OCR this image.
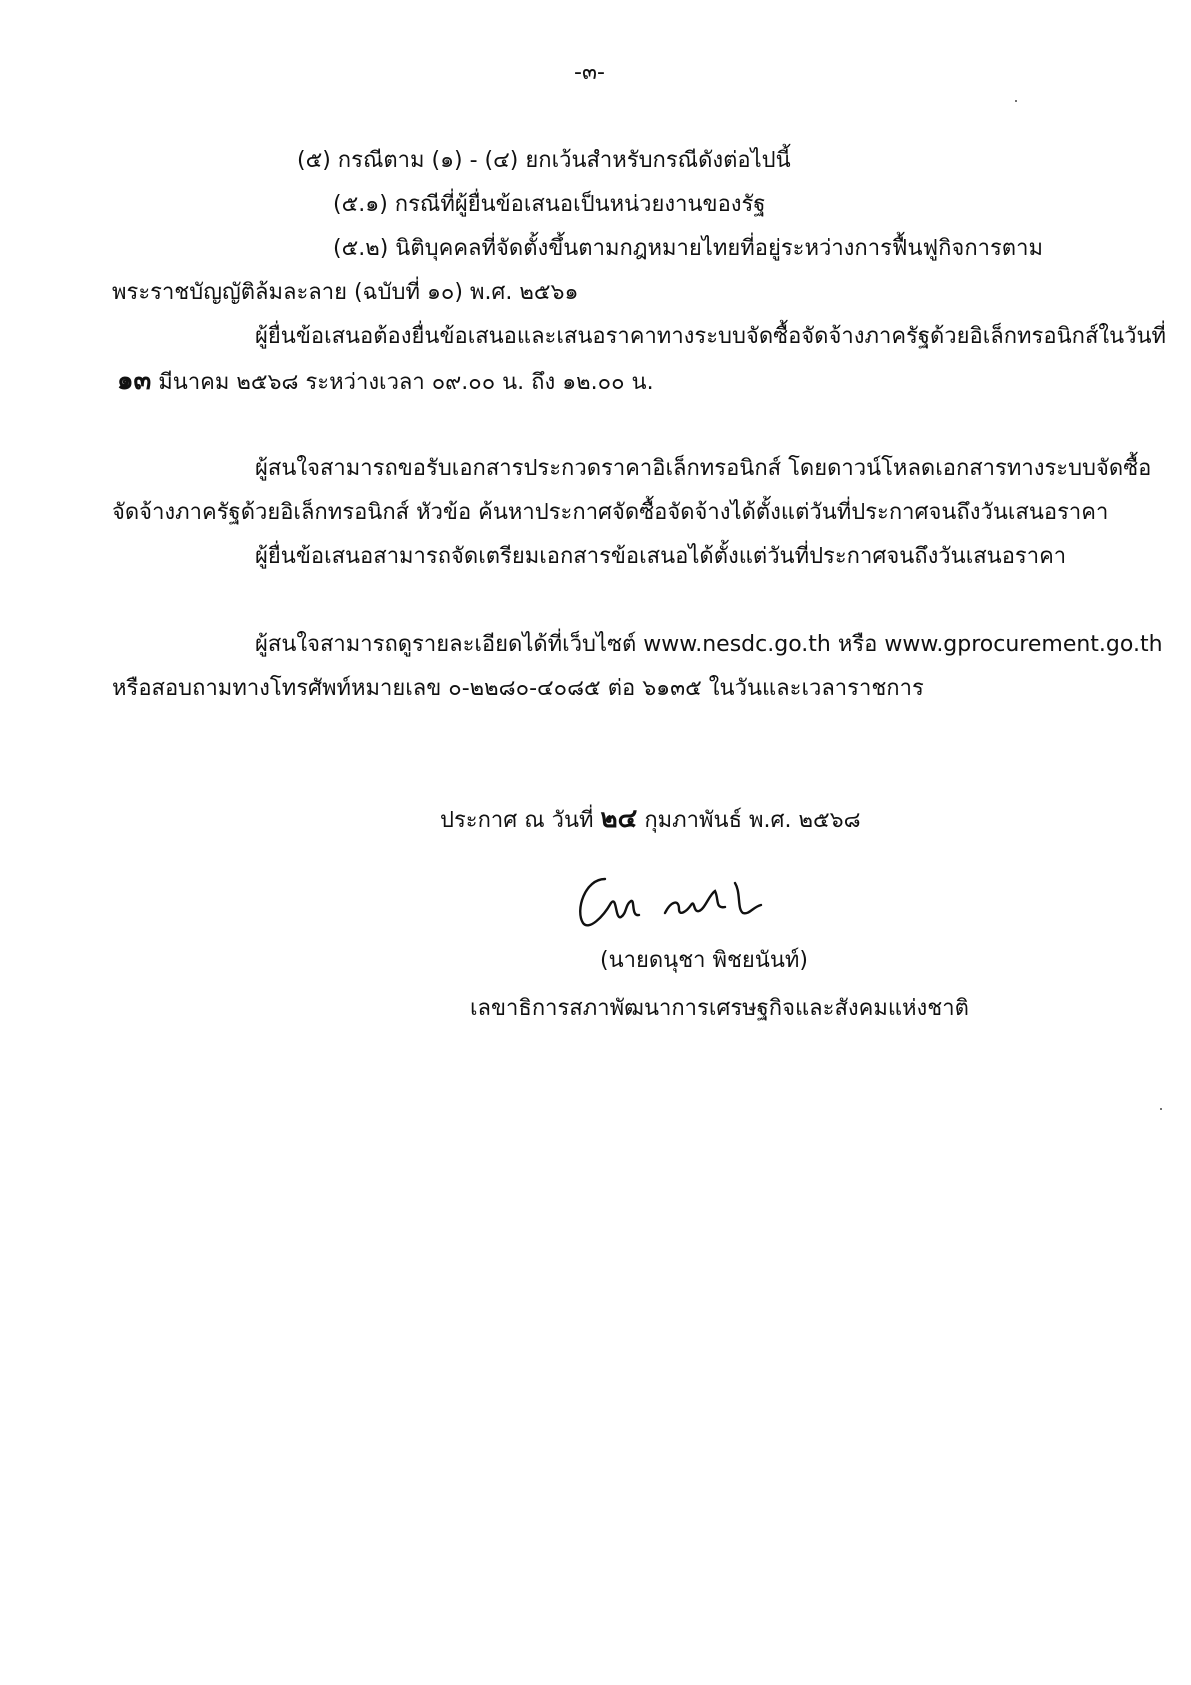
-๓-
(๕) กรณีตาม (๑) - (๔) ยกเว้นสำหรับกรณีดังต่อไปนี้
(๕.๑) กรณีที่ผู้ยื่นข้อเสนอเป็นหน่วยงานของรัฐ
(๕.๒) นิติบุคคลที่จัดตั้งขึ้นตามกฎหมายไทยที่อยู่ระหว่างการฟื้นฟูกิจการตาม
พระราชบัญญัติล้มละลาย (ฉบับที่ ๑๐) พ.ศ. ๒๕๖๑
ผู้ยื่นข้อเสนอต้องยื่นข้อเสนอและเสนอราคาทางระบบจัดซื้อจัดจ้างภาครัฐด้วยอิเล็กทรอนิกส์ในวันที่
๑๓ มีนาคม ๒๕๖๘ ระหว่างเวลา ๐๙.๐๐ น. ถึง ๑๒.๐๐ น.
ผู้สนใจสามารถขอรับเอกสารประกวดราคาอิเล็กทรอนิกส์ โดยดาวน์โหลดเอกสารทางระบบจัดซื้อ
จัดจ้างภาครัฐด้วยอิเล็กทรอนิกส์ หัวข้อ ค้นหาประกาศจัดซื้อจัดจ้างได้ตั้งแต่วันที่ประกาศจนถึงวันเสนอราคา
ผู้ยื่นข้อเสนอสามารถจัดเตรียมเอกสารข้อเสนอได้ตั้งแต่วันที่ประกาศจนถึงวันเสนอราคา
ผู้สนใจสามารถดูรายละเอียดได้ที่เว็บไซต์ www.nesdc.go.th หรือ www.gprocurement.go.th
หรือสอบถามทางโทรศัพท์หมายเลข ๐-๒๒๘๐-๔๐๘๕ ต่อ ๖๑๓๕ ในวันและเวลาราชการ
ประกาศ ณ วันที่ ๒๔ กุมภาพันธ์ พ.ศ. ๒๕๖๘
(นายดนุชา พิชยนันท์)
เลขาธิการสภาพัฒนาการเศรษฐกิจและสังคมแห่งชาติ
